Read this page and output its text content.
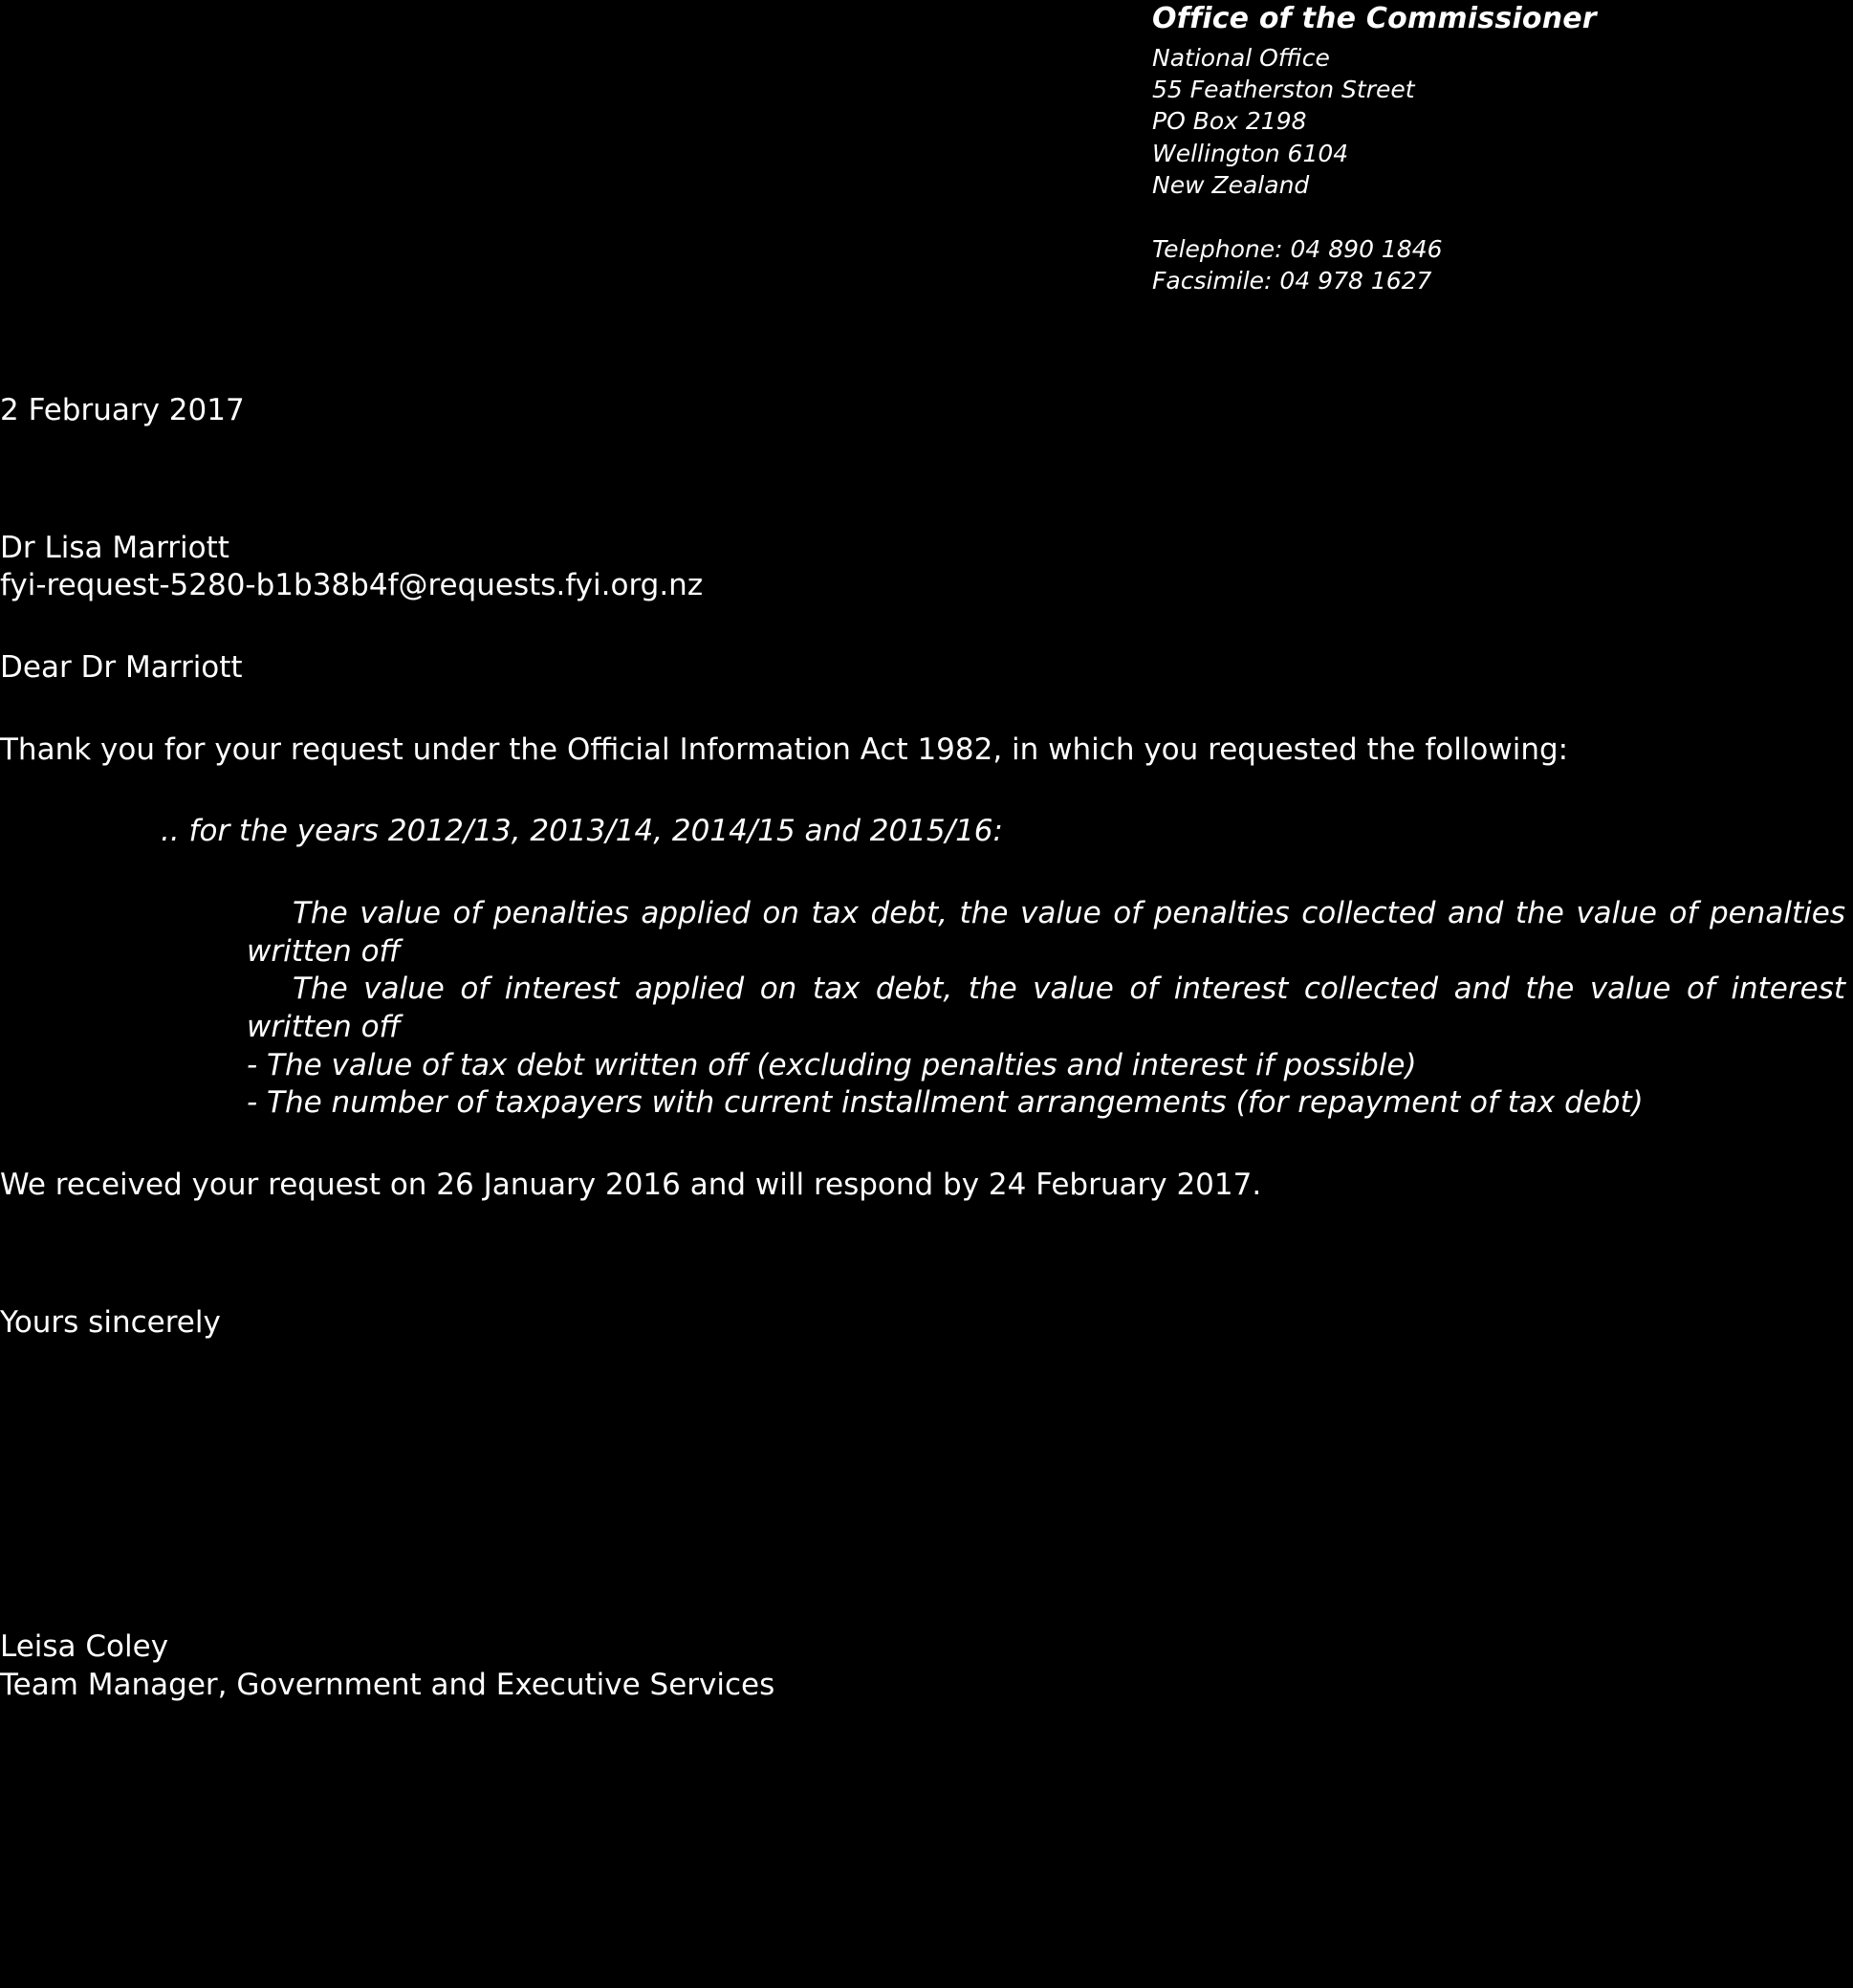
Office of the Commissioner
National Office
55 Featherston Street
PO Box 2198
Wellington 6104
New Zealand
Telephone: 04 890 1846
Facsimile: 04 978 1627
2 February 2017
Dr Lisa Marriott
fyi-request-5280-b1b38b4f@requests.fyi.org.nz
Dear Dr Marriott
Thank you for your request under the Official Information Act 1982, in which you requested the following:
.. for the years 2012/13, 2013/14, 2014/15 and 2015/16:
The value of penalties applied on tax debt, the value of penalties collected and the value of penalties written off
The value of interest applied on tax debt, the value of interest collected and the value of interest written off
- The value of tax debt written off (excluding penalties and interest if possible)
- The number of taxpayers with current installment arrangements (for repayment of tax debt)
We received your request on 26 January 2016 and will respond by 24 February 2017.
Yours sincerely
Leisa Coley
Team Manager, Government and Executive Services
